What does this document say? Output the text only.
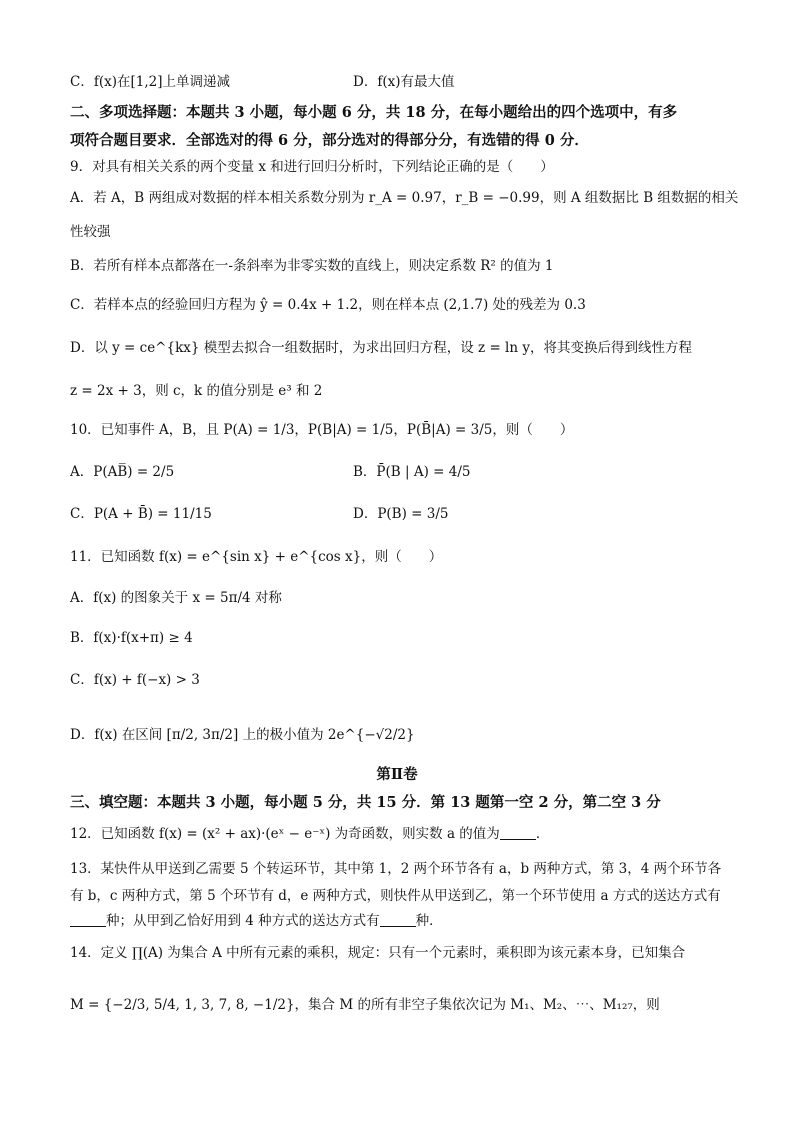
C．f(x)在[1,2]上单调递减	D．f(x)有最大值
二、多项选择题：本题共 3 小题，每小题 6 分，共 18 分，在每小题给出的四个选项中，有多
项符合题目要求．全部选对的得 6 分，部分选对的得部分分，有选错的得 0 分．
9．对具有相关关系的两个变量 x 和进行回归分析时，下列结论正确的是（　　）
A．若 A，B 两组成对数据的样本相关系数分别为 r_A = 0.97，r_B = −0.99，则 A 组数据比 B 组数据的相关
性较强
B．若所有样本点都落在一-条斜率为非零实数的直线上，则决定系数 R² 的值为 1
C．若样本点的经验回归方程为 ŷ = 0.4x + 1.2，则在样本点 (2,1.7) 处的残差为 0.3
D．以 y = ce^{kx} 模型去拟合一组数据时，为求出回归方程，设 z = ln y，将其变换后得到线性方程
z = 2x + 3，则 c，k 的值分别是 e³ 和 2
10．已知事件 A，B，且 P(A) = 1/3，P(B|A) = 1/5，P(B̄|A) = 3/5，则（　　）
A．P(AB̅) = 2/5	B．P̄(B | A) = 4/5
C．P(A + B̄) = 11/15	D．P(B) = 3/5
11．已知函数 f(x) = e^{sin x} + e^{cos x}，则（　　）
A．f(x) 的图象关于 x = 5π/4 对称
B．f(x)·f(x+π) ≥ 4
C．f(x) + f(−x) > 3
D．f(x) 在区间 [π/2, 3π/2] 上的极小值为 2e^{−√2/2}
第Ⅱ卷
三、填空题：本题共 3 小题，每小题 5 分，共 15 分．第 13 题第一空 2 分，第二空 3 分
12．已知函数 f(x) = (x² + ax)·(eˣ − e⁻ˣ) 为奇函数，则实数 a 的值为	．
13．某快件从甲送到乙需要 5 个转运环节，其中第 1，2 两个环节各有 a，b 两种方式，第 3，4 两个环节各
有 b，c 两种方式，第 5 个环节有 d，e 两种方式，则快件从甲送到乙，第一个环节使用 a 方式的送达方式有
种；从甲到乙恰好用到 4 种方式的送达方式有	种．
14．定义 ∏(A) 为集合 A 中所有元素的乘积，规定：只有一个元素时，乘积即为该元素本身，已知集合
M = {−2/3, 5/4, 1, 3, 7, 8, −1/2}，集合 M 的所有非空子集依次记为 M₁、M₂、⋯、M₁₂₇，则
